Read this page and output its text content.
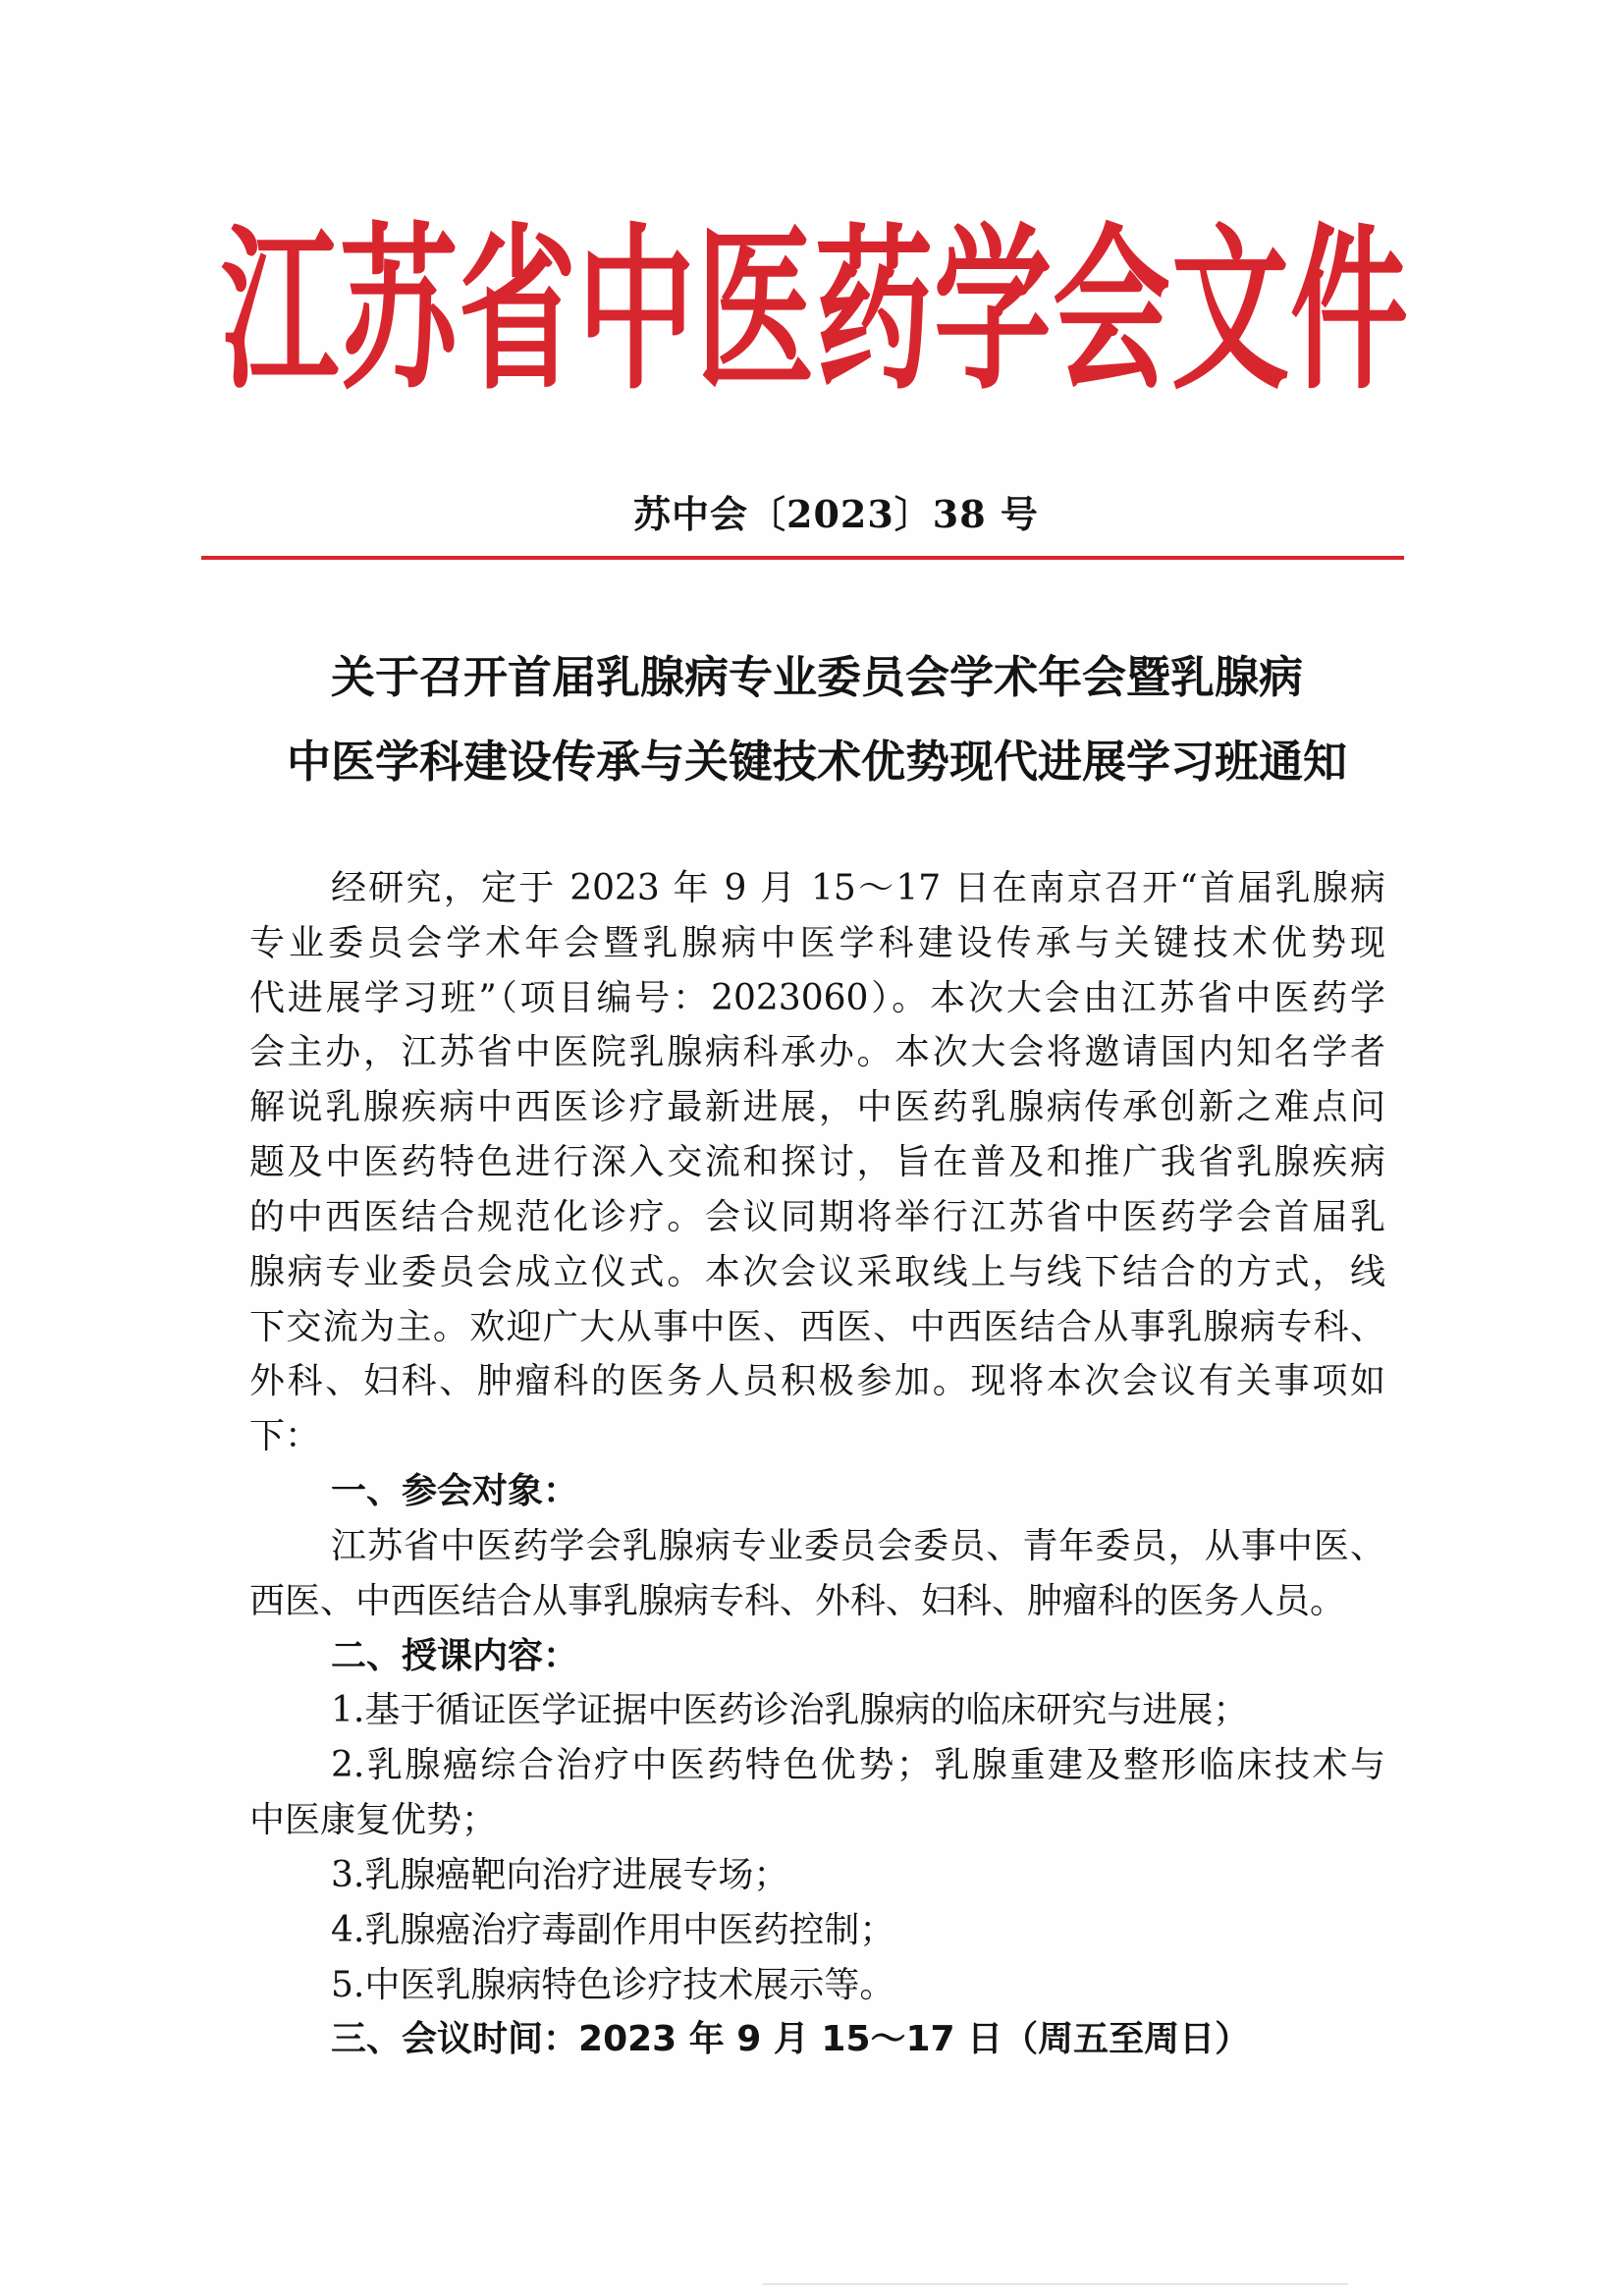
江苏省中医药学会文件
苏中会〔2023〕38 号
关于召开首届乳腺病专业委员会学术年会暨乳腺病
中医学科建设传承与关键技术优势现代进展学习班通知
经研究，定于 2023 年 9 月 15～17 日在南京召开“首届乳腺病
专业委员会学术年会暨乳腺病中医学科建设传承与关键技术优势现
代进展学习班”（项目编号：2023060）。本次大会由江苏省中医药学
会主办，江苏省中医院乳腺病科承办。本次大会将邀请国内知名学者
解说乳腺疾病中西医诊疗最新进展，中医药乳腺病传承创新之难点问
题及中医药特色进行深入交流和探讨，旨在普及和推广我省乳腺疾病
的中西医结合规范化诊疗。会议同期将举行江苏省中医药学会首届乳
腺病专业委员会成立仪式。本次会议采取线上与线下结合的方式，线
下交流为主。欢迎广大从事中医、西医、中西医结合从事乳腺病专科、
外科、妇科、肿瘤科的医务人员积极参加。现将本次会议有关事项如
下：
一、参会对象：
江苏省中医药学会乳腺病专业委员会委员、青年委员，从事中医、
西医、中西医结合从事乳腺病专科、外科、妇科、肿瘤科的医务人员。
二、授课内容：
1.基于循证医学证据中医药诊治乳腺病的临床研究与进展；
2.乳腺癌综合治疗中医药特色优势；乳腺重建及整形临床技术与
中医康复优势；
3.乳腺癌靶向治疗进展专场；
4.乳腺癌治疗毒副作用中医药控制；
5.中医乳腺病特色诊疗技术展示等。
三、会议时间：2023 年 9 月 15～17 日（周五至周日）
